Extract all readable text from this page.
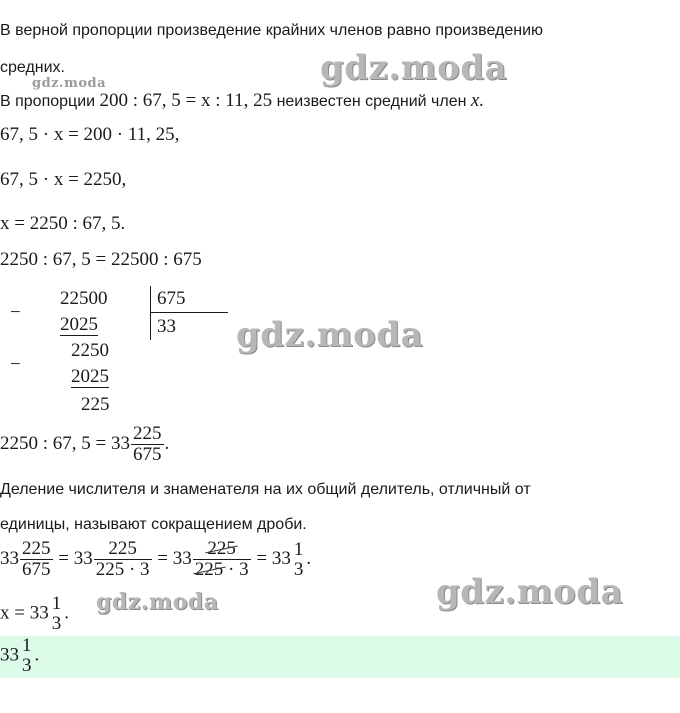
В верной пропорции произведение крайних членов равно произведению
средних.
В пропорции 200 : 67, 5 = x : 11, 25 неизвестен средний член x.
67, 5 · x = 200 · 11, 25,
67, 5 · x = 2250,
x = 2250 : 67, 5.
2250 : 67, 5 = 22500 : 675
−
22500
2025
−
2250
2025
225
675
33
2250 : 67, $5 = 33 \frac{225}{675}$ .
Деление числителя и знаменателя на их общий делитель, отличный от
единицы, называют сокращением дроби.
$33 \frac{225}{675} = 33 \frac{225}{225 \cdot 3} = 33 \frac{225}{225 \cdot 3} = 33$ 1
3
.
x = 33 1
3
.
33 1
3
.
gdz.moda
gdz.moda
gdz.moda
gdz.moda
gdz.moda
